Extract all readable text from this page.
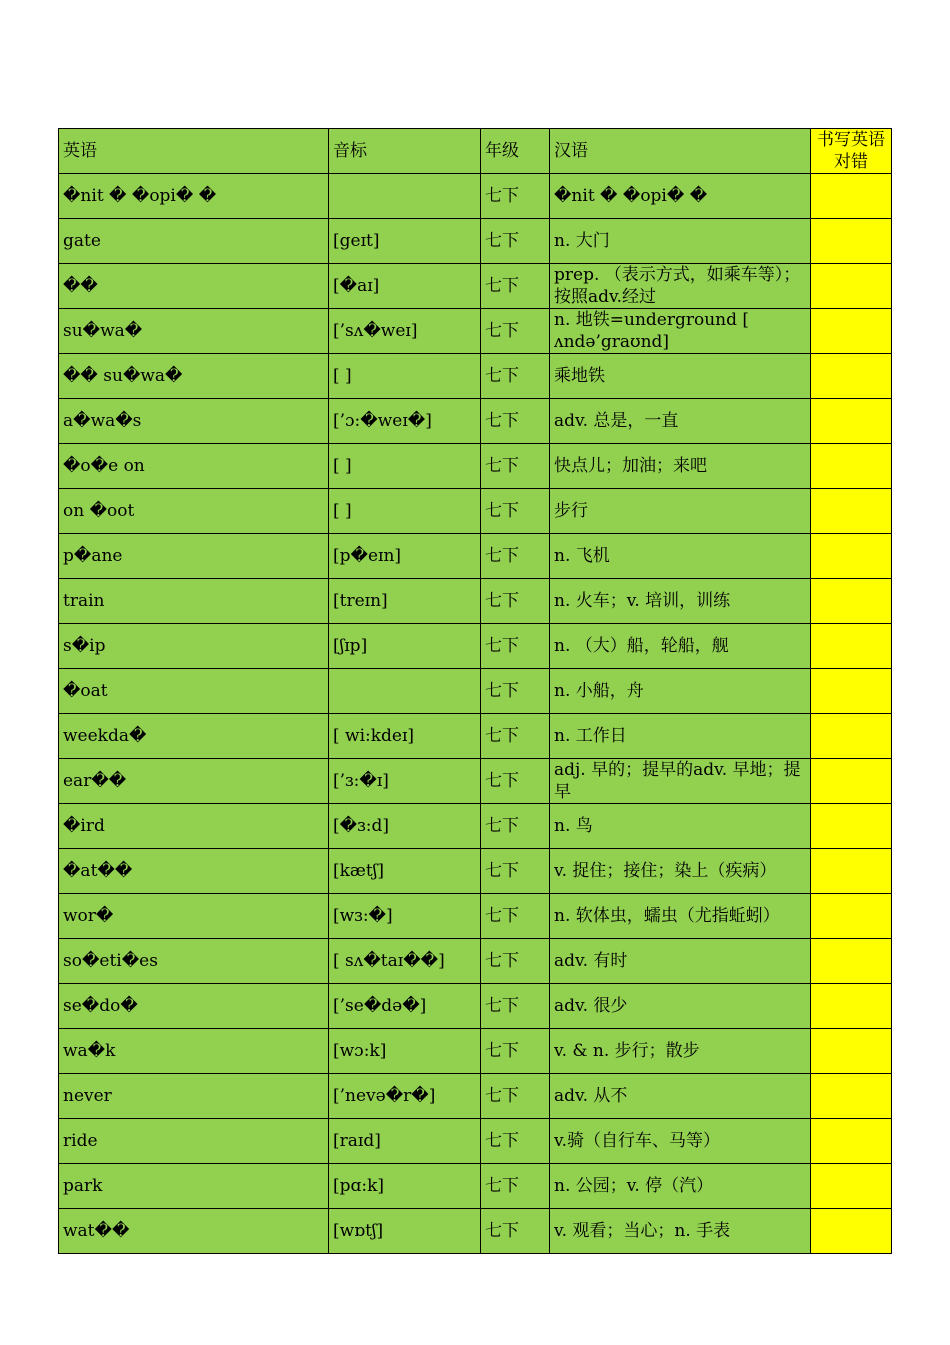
英语	音标	年级	汉语	书写英语对错
�nit � �opi� �		七下	�nit � �opi� �	
gate	[geɪt]	七下	n. 大门	
��	[�aɪ]	七下	prep. （表示方式，如乘车等）；按照adv.经过	
su�wa�	[’sʌ�weɪ]	七下	n. 地铁=underground [ ʌndə’graʊnd]	
�� su�wa�	[ ]	七下	乘地铁	
a�wa�s	[’ɔ:�weɪ�]	七下	adv. 总是，一直	
�o�e on	[ ]	七下	快点儿；加油；来吧	
on �oot	[ ]	七下	步行	
p�ane	[p�eɪn]	七下	n. 飞机	
train	[treɪn]	七下	n. 火车；v. 培训，训练	
s�ip	[ʃɪp]	七下	n. （大）船，轮船，舰	
�oat		七下	n. 小船，舟	
weekda�	[ wi:kdeɪ]	七下	n. 工作日	
ear��	[’ɜ:�ɪ]	七下	adj. 早的；提早的adv. 早地；提早	
�ird	[�ɜ:d]	七下	n. 鸟	
�at��	[kætʃ]	七下	v. 捉住；接住；染上（疾病）	
wor�	[wɜ:�]	七下	n. 软体虫，蠕虫（尤指蚯蚓）	
so�eti�es	[ sʌ�taɪ��]	七下	adv. 有时	
se�do�	[’se�də�]	七下	adv. 很少	
wa�k	[wɔ:k]	七下	v. & n. 步行；散步	
never	[’nevə�r�]	七下	adv. 从不	
ride	[raɪd]	七下	v.骑（自行车、马等）	
park	[pɑ:k]	七下	n. 公园；v. 停（汽）	
wat��	[wɒtʃ]	七下	v. 观看；当心；n. 手表	
